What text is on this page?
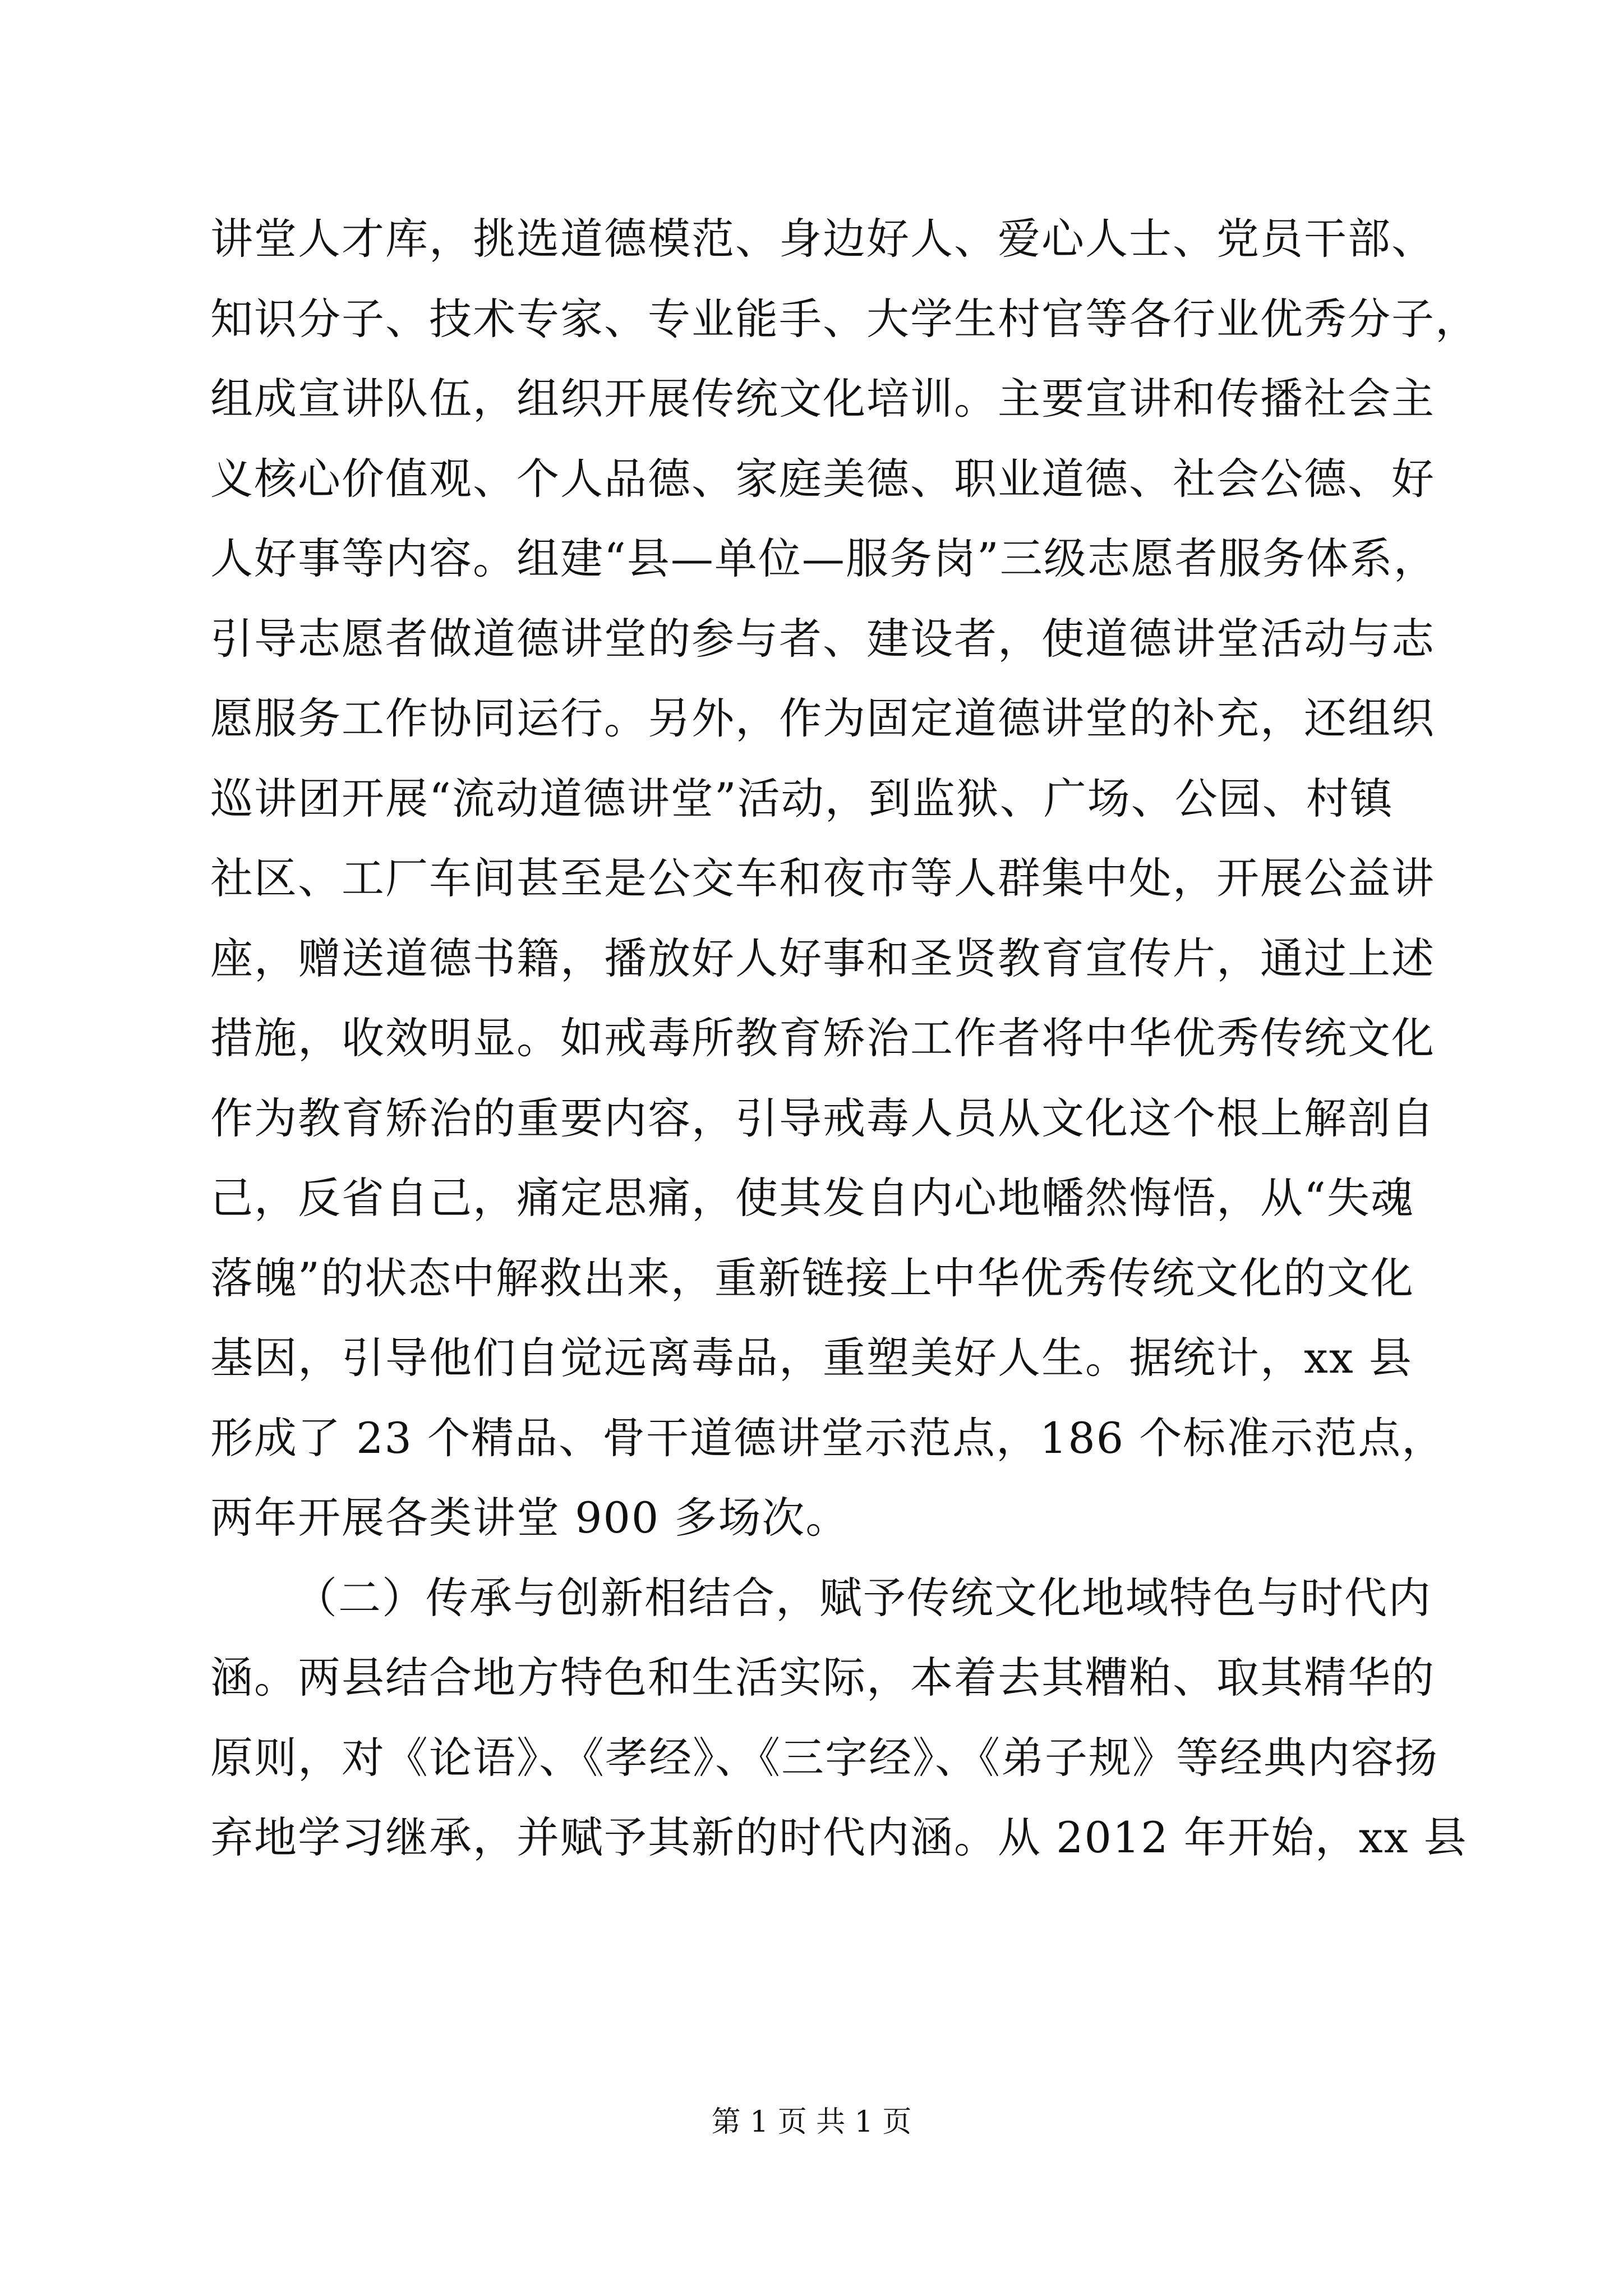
讲堂人才库，挑选道德模范、身边好人、爱心人士、党员干部、
知识分子、技术专家、专业能手、大学生村官等各行业优秀分子，
组成宣讲队伍，组织开展传统文化培训。主要宣讲和传播社会主
义核心价值观、个人品德、家庭美德、职业道德、社会公德、好
人好事等内容。组建“县—单位—服务岗”三级志愿者服务体系，
引导志愿者做道德讲堂的参与者、建设者，使道德讲堂活动与志
愿服务工作协同运行。另外，作为固定道德讲堂的补充，还组织
巡讲团开展“流动道德讲堂”活动，到监狱、广场、公园、村镇
社区、工厂车间甚至是公交车和夜市等人群集中处，开展公益讲
座，赠送道德书籍，播放好人好事和圣贤教育宣传片，通过上述
措施，收效明显。如戒毒所教育矫治工作者将中华优秀传统文化
作为教育矫治的重要内容，引导戒毒人员从文化这个根上解剖自
己，反省自己，痛定思痛，使其发自内心地幡然悔悟，从“失魂
落魄”的状态中解救出来，重新链接上中华优秀传统文化的文化
基因，引导他们自觉远离毒品，重塑美好人生。据统计，xx 县
形成了 23 个精品、骨干道德讲堂示范点，186 个标准示范点，
两年开展各类讲堂 900 多场次。
（二）传承与创新相结合，赋予传统文化地域特色与时代内
涵。两县结合地方特色和生活实际，本着去其糟粕、取其精华的
原则，对《论语》、《孝经》、《三字经》、《弟子规》等经典内容扬
弃地学习继承，并赋予其新的时代内涵。从 2012 年开始，xx 县
第 1 页 共 1 页
